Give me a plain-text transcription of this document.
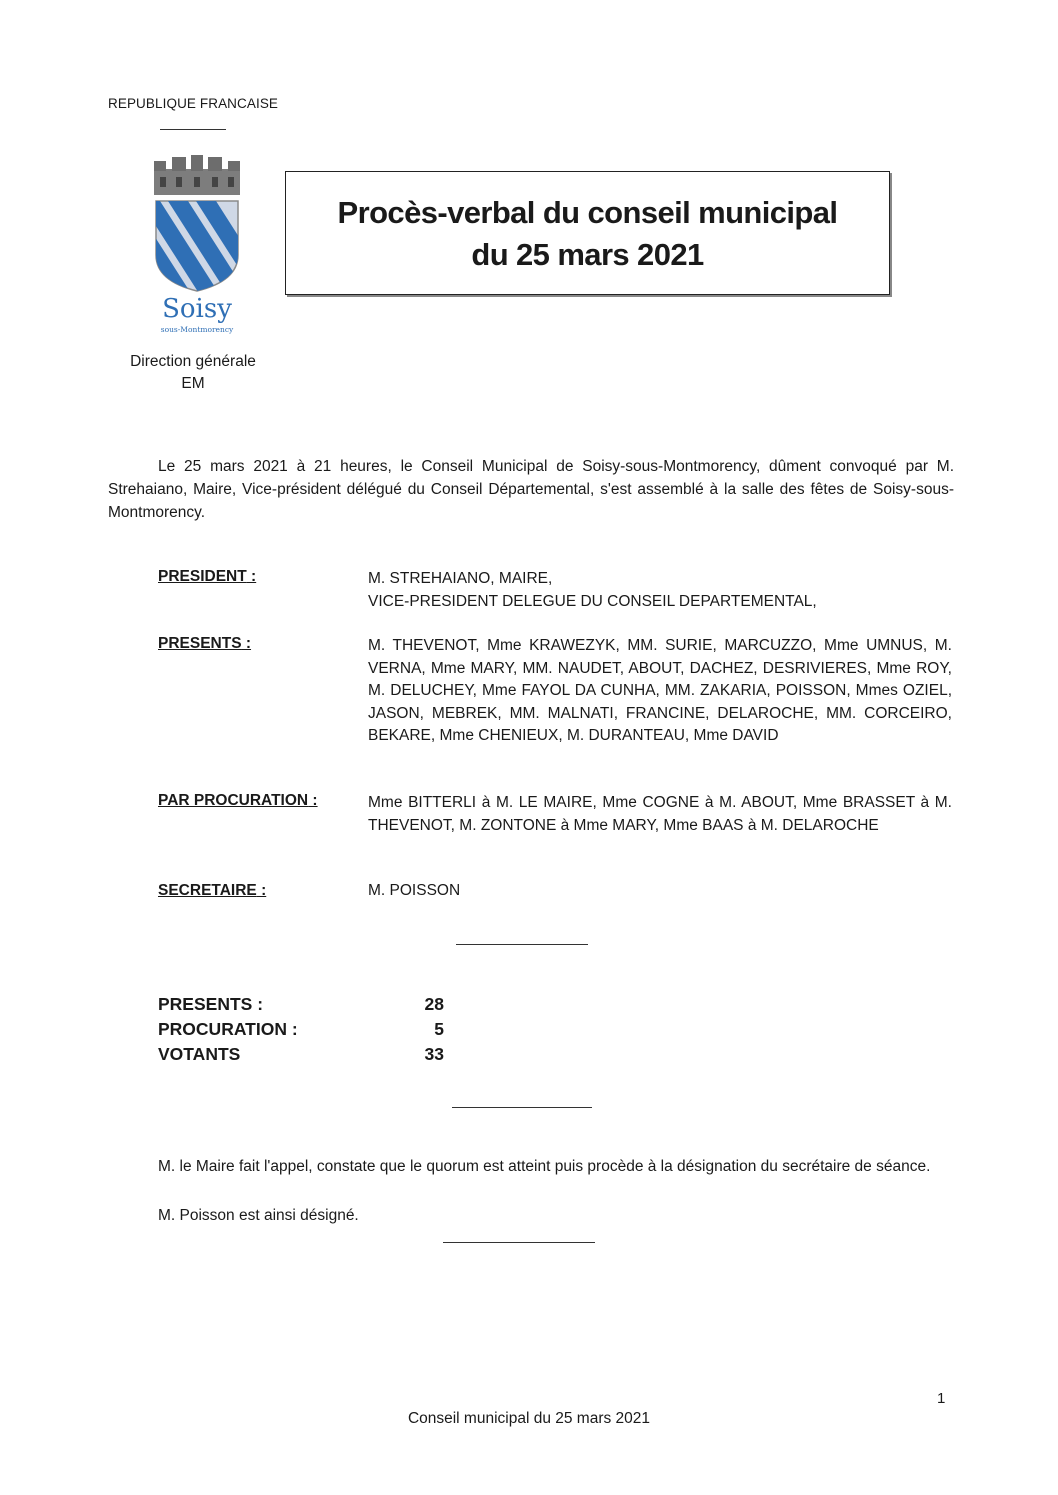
REPUBLIQUE FRANCAISE
Soisy
sous-Montmorency
Direction générale
EM
Procès-verbal du conseil municipal
du 25 mars 2021
Le 25 mars 2021 à 21 heures, le Conseil Municipal de Soisy-sous-Montmorency, dûment convoqué par M. Strehaiano, Maire, Vice-président délégué du Conseil Départemental, s'est assemblé à la salle des fêtes de Soisy-sous-Montmorency.
PRESIDENT :	M. STREHAIANO, MAIRE,
VICE-PRESIDENT DELEGUE DU CONSEIL DEPARTEMENTAL,
PRESENTS :	M. THEVENOT, Mme KRAWEZYK, MM. SURIE, MARCUZZO, Mme UMNUS, M. VERNA, Mme MARY, MM. NAUDET, ABOUT, DACHEZ, DESRIVIERES, Mme ROY, M. DELUCHEY, Mme FAYOL DA CUNHA, MM. ZAKARIA, POISSON, Mmes OZIEL, JASON, MEBREK, MM. MALNATI, FRANCINE, DELAROCHE, MM. CORCEIRO, BEKARE, Mme CHENIEUX, M. DURANTEAU, Mme DAVID
PAR PROCURATION :	Mme BITTERLI à M. LE MAIRE, Mme COGNE à M. ABOUT, Mme BRASSET à M. THEVENOT, M. ZONTONE à Mme MARY, Mme BAAS à M. DELAROCHE
SECRETAIRE :	M. POISSON
PRESENTS :	28
PROCURATION :	5
VOTANTS	33
M. le Maire fait l'appel, constate que le quorum est atteint puis procède à la désignation du secrétaire de séance.
M. Poisson est ainsi désigné.
1
Conseil municipal du 25 mars 2021
